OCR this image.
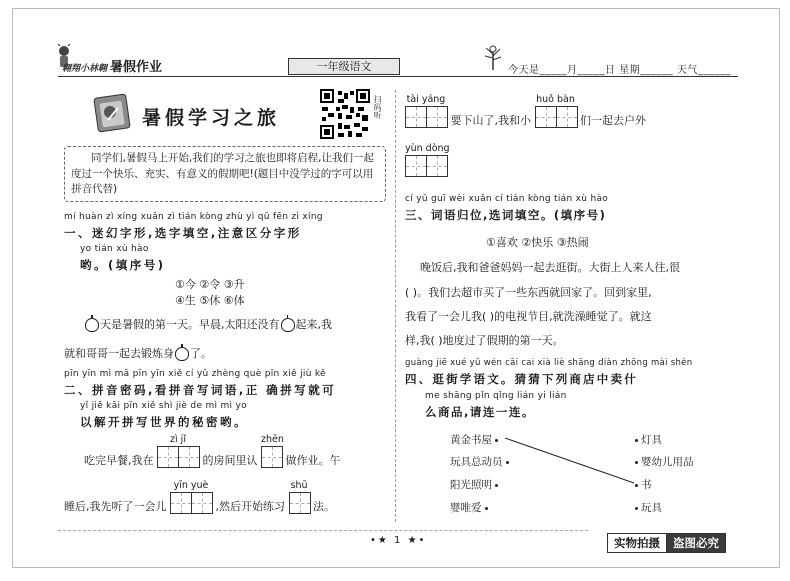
翱翔小林翱 暑假作业	一年级语文	今天是_____月_____日 星期______ 天气______
暑假学习之旅	扫码听
同学们,暑假马上开始,我们的学习之旅也即将启程,让我们一起度过一个快乐、充实、有意义的假期吧!(题目中没学过的字可以用拼音代替)
mí huàn zì xíng xuǎn zì tián kòng zhù yì qū fēn zì xíng
一、迷幻字形,选字填空,注意区分字形
yo tián xù hào
哟。(填序号)
①今 ②令 ③升
④生 ⑤休 ⑥体
天是暑假的第一天。早晨,太阳还没有 起来,我
就和哥哥一起去锻炼身 了。
pīn yīn mì mǎ pīn yīn xiě cí yǔ zhèng què pīn xiě jiù kě
二、拼音密码,看拼音写词语,正 确拼写就可
yǐ jiě kāi pīn xiě shì jiè de mì mì yo
以解开拼写世界的秘密哟。
吃完早餐,我在
zì jǐ
的房间里认
zhēn
做作业。午
睡后,我先听了一会儿
yīn yuè
,然后开始练习
shū
法。
tài yáng
要下山了,我和小
huǒ bàn
们一起去户外
yùn dòng
cí yǔ guī wèi xuǎn cí tián kòng tián xù hào
三、词语归位,选词填空。(填序号)
①喜欢 ②快乐 ③热闹
晚饭后,我和爸爸妈妈一起去逛街。大街上人来人往,很
( )。我们去超市买了一些东西就回家了。回到家里,
我看了一会儿我( )的电视节目,就洗澡睡觉了。就这
样,我( )地度过了假期的第一天。
guàng jiē xué yǔ wén cāi cai xià liè shāng diàn zhōng mài shén
四、逛街学语文。猜猜下列商店中卖什
me shāng pǐn qǐng lián yi lián
么商品,请连一连。
黄金书屋
玩具总动员
阳光照明
婴唯爱
灯具
婴幼儿用品
书
玩具
•★ 1 ★•	实物拍摄	盗图必究
